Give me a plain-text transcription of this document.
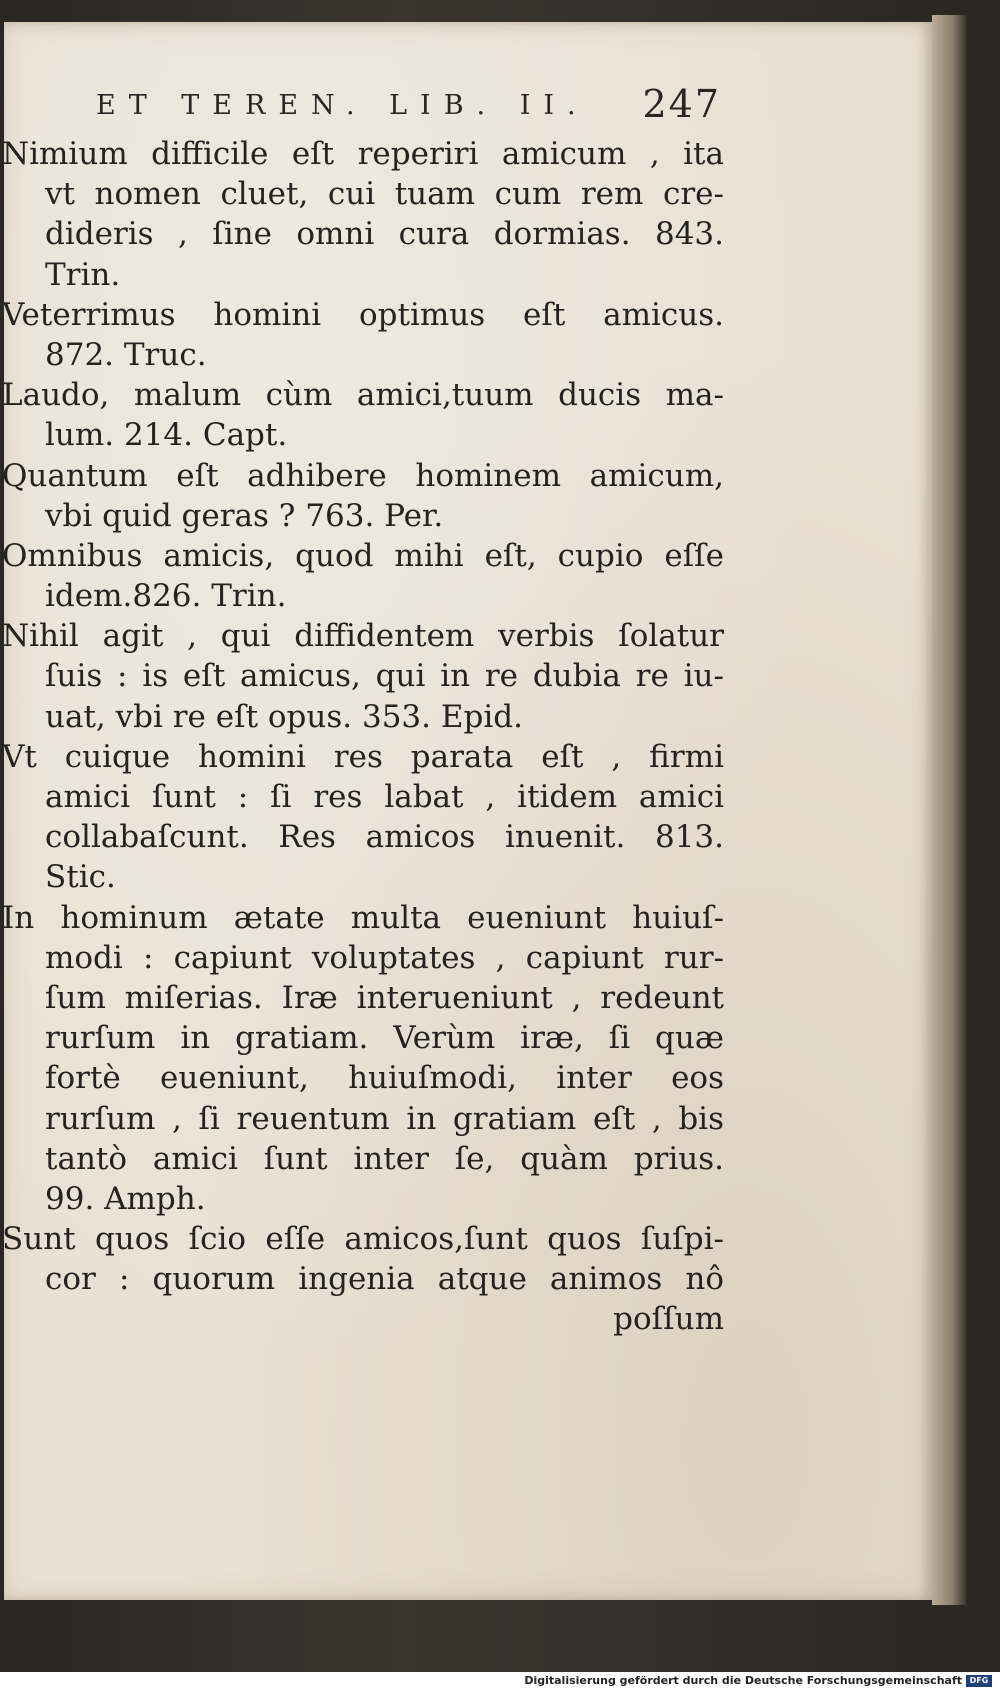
ET TEREN. LIB. II. 247
Nimium difficile eſt reperiri amicum , ita
vt nomen cluet, cui tuam cum rem cre-
dideris , ſine omni cura dormias. 843.
Trin.
Veterrimus homini optimus eſt amicus.
872. Truc.
Laudo, malum cùm amici,tuum ducis ma-
lum. 214. Capt.
Quantum eſt adhibere hominem amicum,
vbi quid geras ? 763. Per.
Omnibus amicis, quod mihi eſt, cupio eſſe
idem.826. Trin.
Nihil agit , qui diffidentem verbis ſolatur
ſuis : is eſt amicus, qui in re dubia re iu-
uat, vbi re eſt opus. 353. Epid.
Vt cuique homini res parata eſt , firmi
amici ſunt : ſi res labat , itidem amici
collabaſcunt. Res amicos inuenit. 813.
Stic.
In hominum ætate multa eueniunt huiuſ-
modi : capiunt voluptates , capiunt rur-
ſum miſerias. Iræ interueniunt , redeunt
rurſum in gratiam. Verùm iræ, ſi quæ
fortè eueniunt, huiuſmodi, inter eos
rurſum , ſi reuentum in gratiam eſt , bis
tantò amici ſunt inter ſe, quàm prius.
99. Amph.
Sunt quos ſcio eſſe amicos,ſunt quos ſuſpi-
cor : quorum ingenia atque animos nô
poſſum
Digitalisierung gefördert durch die Deutsche Forschungsgemeinschaft DFG
